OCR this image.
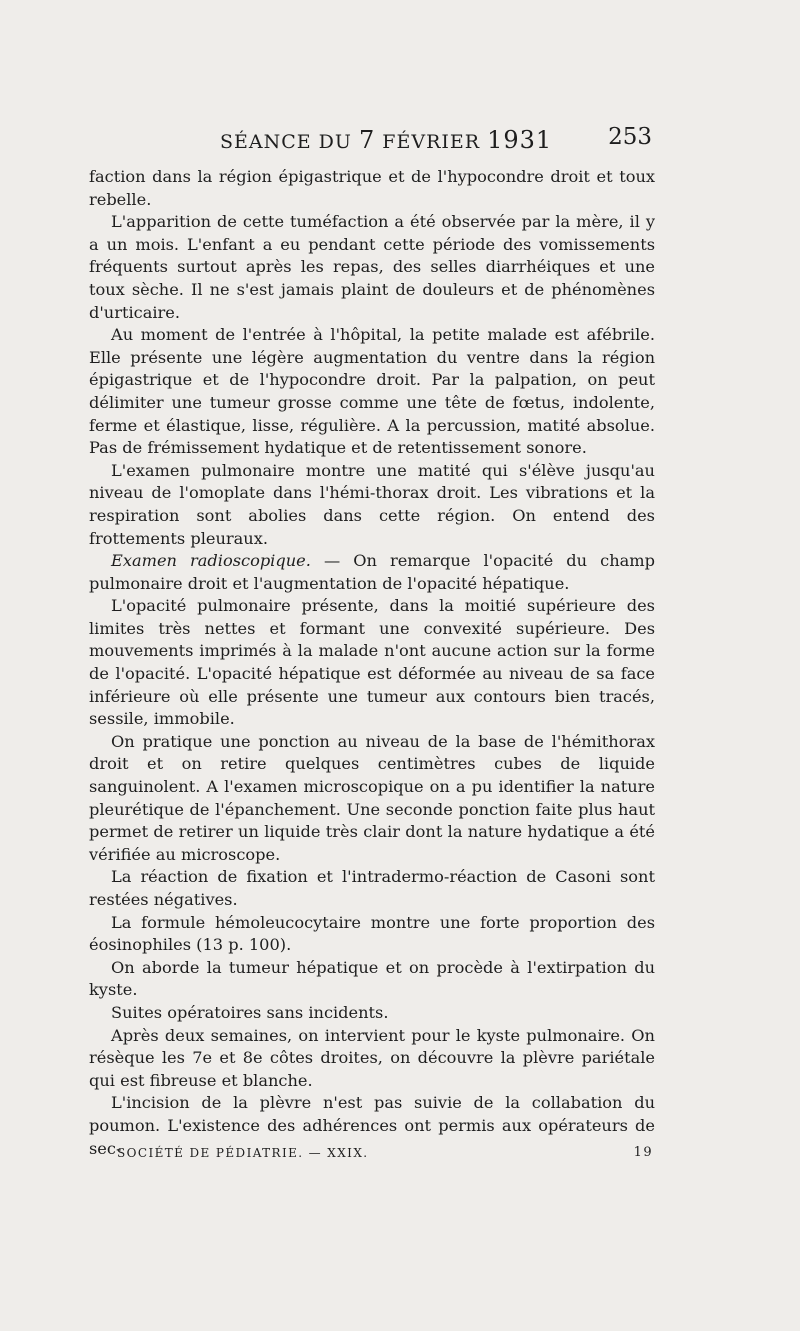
SÉANCE DU 7 FÉVRIER 1931 253

faction dans la région épigastrique et de l'hypocondre droit et toux rebelle.

L'apparition de cette tuméfaction a été observée par la mère, il y a un mois. L'enfant a eu pendant cette période des vomissements fréquents surtout après les repas, des selles diarrhéiques et une toux sèche. Il ne s'est jamais plaint de douleurs et de phénomènes d'urticaire.

Au moment de l'entrée à l'hôpital, la petite malade est afébrile. Elle présente une légère augmentation du ventre dans la région épigastrique et de l'hypocondre droit. Par la palpation, on peut délimiter une tumeur grosse comme une tête de fœtus, indolente, ferme et élastique, lisse, régulière. A la percussion, matité absolue. Pas de frémissement hydatique et de retentissement sonore.

L'examen pulmonaire montre une matité qui s'élève jusqu'au niveau de l'omoplate dans l'hémi-thorax droit. Les vibrations et la respiration sont abolies dans cette région. On entend des frottements pleuraux.

Examen radioscopique. — On remarque l'opacité du champ pulmonaire droit et l'augmentation de l'opacité hépatique.

L'opacité pulmonaire présente, dans la moitié supérieure des limites très nettes et formant une convexité supérieure. Des mouvements imprimés à la malade n'ont aucune action sur la forme de l'opacité. L'opacité hépatique est déformée au niveau de sa face inférieure où elle présente une tumeur aux contours bien tracés, sessile, immobile.

On pratique une ponction au niveau de la base de l'hémithorax droit et on retire quelques centimètres cubes de liquide sanguinolent. A l'examen microscopique on a pu identifier la nature pleurétique de l'épanchement. Une seconde ponction faite plus haut permet de retirer un liquide très clair dont la nature hydatique a été vérifiée au microscope.

La réaction de fixation et l'intradermo-réaction de Casoni sont restées négatives.

La formule hémoleucocytaire montre une forte proportion des éosinophiles (13 p. 100).

On aborde la tumeur hépatique et on procède à l'extirpation du kyste.

Suites opératoires sans incidents.

Après deux semaines, on intervient pour le kyste pulmonaire. On résèque les 7e et 8e côtes droites, on découvre la plèvre pariétale qui est fibreuse et blanche.

L'incision de la plèvre n'est pas suivie de la collabation du poumon. L'existence des adhérences ont permis aux opérateurs de sec-

SOCIÉTÉ DE PÉDIATRIE. — XXIX.	19
